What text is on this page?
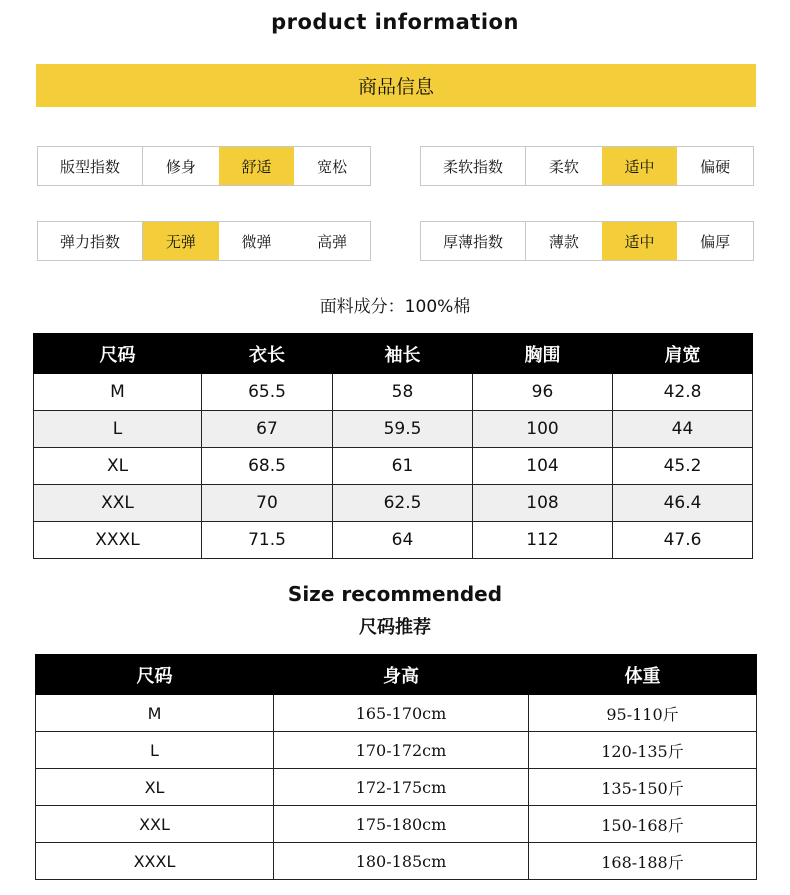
product information
商品信息
版型指数	修身	舒适	宽松	柔软指数	柔软	适中	偏硬
弹力指数	无弹	微弹	高弹	厚薄指数	薄款	适中	偏厚
面料成分：100%棉
尺码	衣长	袖长	胸围	肩宽
M	65.5	58	96	42.8
L	67	59.5	100	44
XL	68.5	61	104	45.2
XXL	70	62.5	108	46.4
XXXL	71.5	64	112	47.6
Size recommended
尺码推荐
尺码	身高	体重
M	165-170cm	95-110斤
L	170-172cm	120-135斤
XL	172-175cm	135-150斤
XXL	175-180cm	150-168斤
XXXL	180-185cm	168-188斤
